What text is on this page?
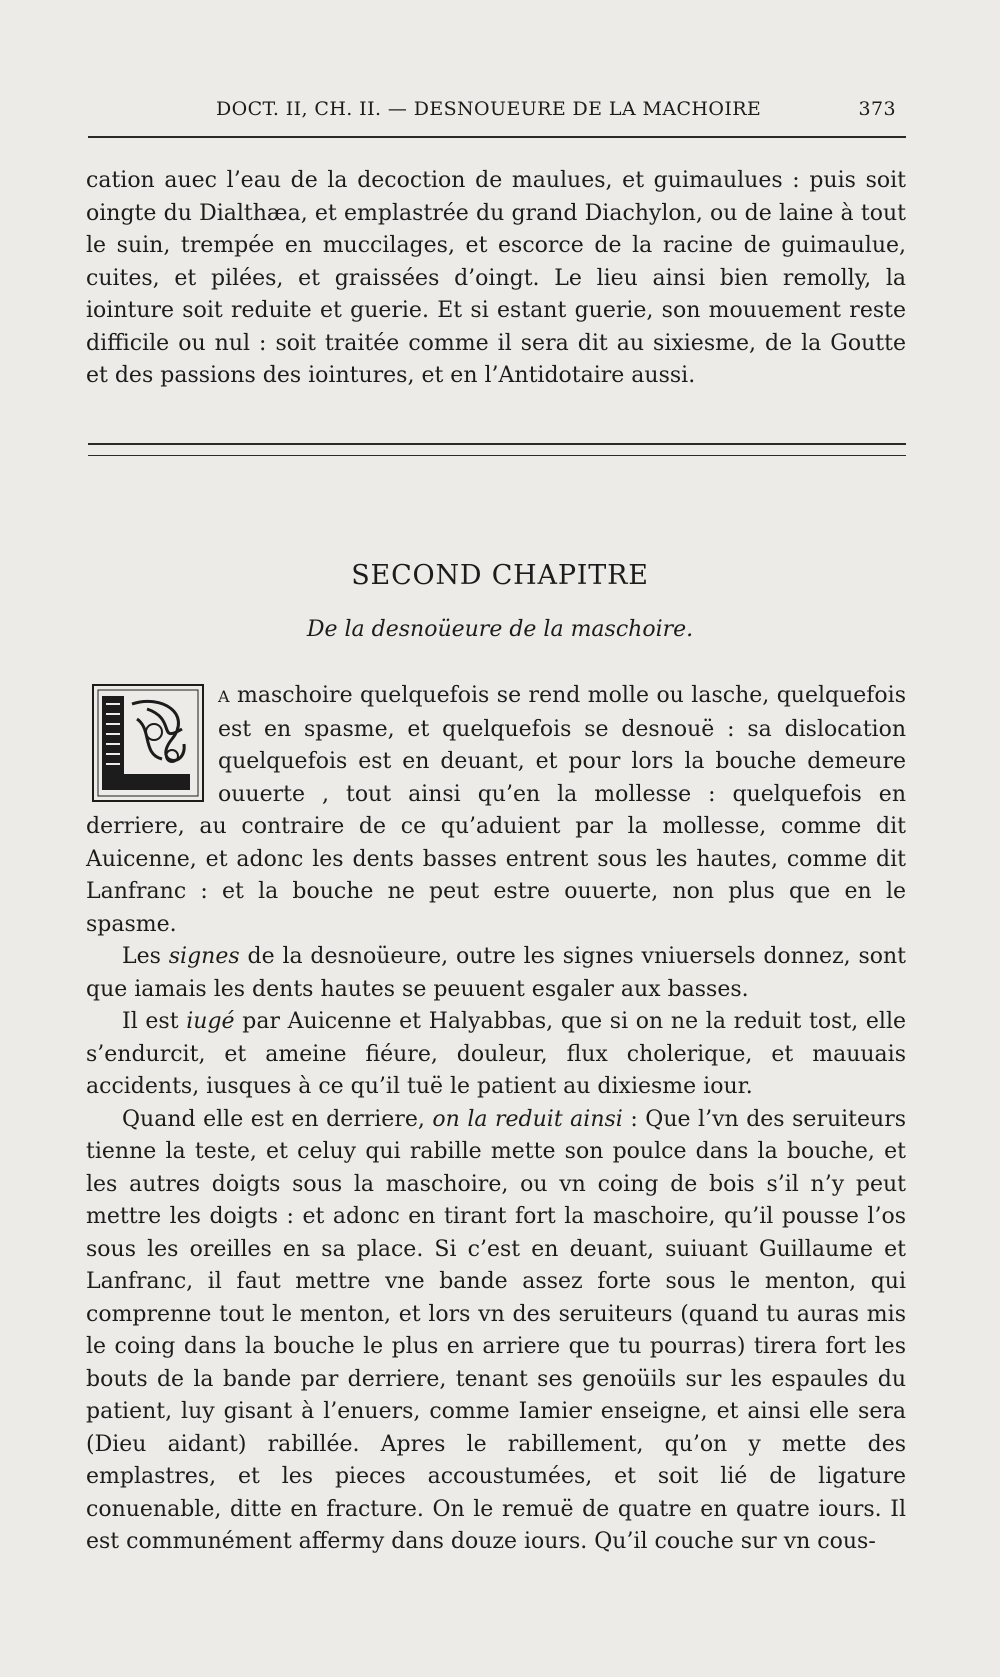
DOCT. II, CH. II. — DESNOUEURE DE LA MACHOIRE	373

cation auec l’eau de la decoction de maulues, et guimaulues : puis soit oingte du Dialthæa, et emplastrée du grand Diachylon, ou de laine à tout le suin, trempée en muccilages, et escorce de la racine de guimaulue, cuites, et pilées, et graissées d’oingt. Le lieu ainsi bien remolly, la iointure soit reduite et guerie. Et si estant guerie, son mouuement reste difficile ou nul : soit traitée comme il sera dit au sixiesme, de la Goutte et des passions des iointures, et en l’Antidotaire aussi.

SECOND CHAPITRE
De la desnoüeure de la maschoire.

A maschoire quelquefois se rend molle ou lasche, quelquefois est en spasme, et quelquefois se desnouë : sa dislocation quelquefois est en deuant, et pour lors la bouche demeure ouuerte , tout ainsi qu’en la mollesse : quelquefois en derriere, au contraire de ce qu’aduient par la mollesse, comme dit Auicenne, et adonc les dents basses entrent sous les hautes, comme dit Lanfranc : et la bouche ne peut estre ouuerte, non plus que en le spasme.

Les signes de la desnoüeure, outre les signes vniuersels donnez, sont que iamais les dents hautes se peuuent esgaler aux basses.

Il est iugé par Auicenne et Halyabbas, que si on ne la reduit tost, elle s’endurcit, et ameine fiéure, douleur, flux cholerique, et mauuais accidents, iusques à ce qu’il tuë le patient au dixiesme iour.

Quand elle est en derriere, on la reduit ainsi : Que l’vn des seruiteurs tienne la teste, et celuy qui rabille mette son poulce dans la bouche, et les autres doigts sous la maschoire, ou vn coing de bois s’il n’y peut mettre les doigts : et adonc en tirant fort la maschoire, qu’il pousse l’os sous les oreilles en sa place. Si c’est en deuant, suiuant Guillaume et Lanfranc, il faut mettre vne bande assez forte sous le menton, qui comprenne tout le menton, et lors vn des seruiteurs (quand tu auras mis le coing dans la bouche le plus en arriere que tu pourras) tirera fort les bouts de la bande par derriere, tenant ses genoüils sur les espaules du patient, luy gisant à l’enuers, comme Iamier enseigne, et ainsi elle sera (Dieu aidant) rabillée. Apres le rabillement, qu’on y mette des emplastres, et les pieces accoustumées, et soit lié de ligature conuenable, ditte en fracture. On le remuë de quatre en quatre iours. Il est communément affermy dans douze iours. Qu’il couche sur vn cous-
